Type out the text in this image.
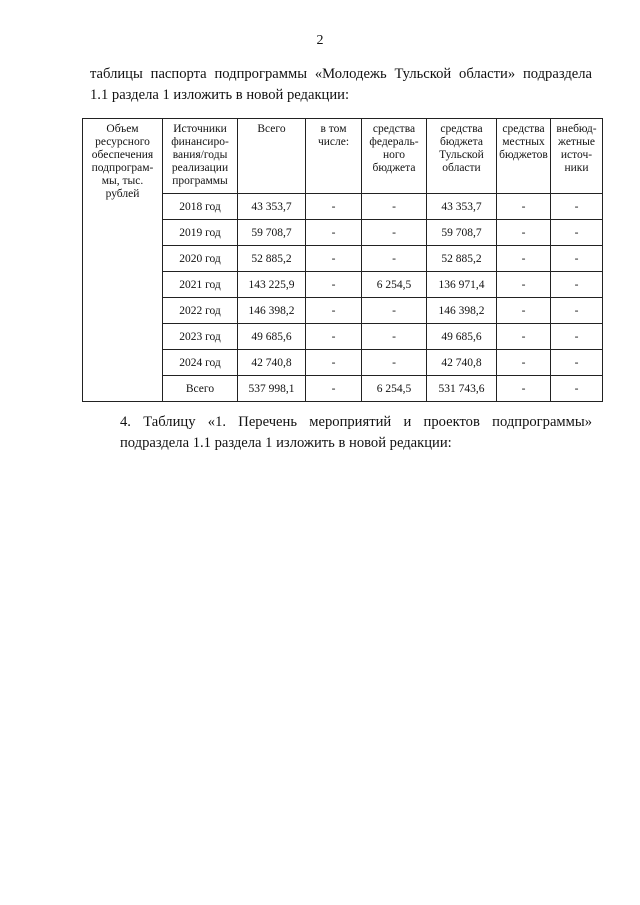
2
таблицы паспорта подпрограммы «Молодежь Тульской области» подраздела
1.1 раздела 1 изложить в новой редакции:
Объем ресурсного обеспечения подпрограм-мы, тыс. рублей	Источники финансиро-вания/годы реализации программы	Всего	в том числе:	средства федераль-ного бюджета	средства бюджета Тульской области	средства местных бюджетов	внебюд-жетные источ-ники
	2018 год	43 353,7	-	-	43 353,7	-	-
	2019 год	59 708,7	-	-	59 708,7	-	-
	2020 год	52 885,2	-	-	52 885,2	-	-
	2021 год	143 225,9	-	6 254,5	136 971,4	-	-
	2022 год	146 398,2	-	-	146 398,2	-	-
	2023 год	49 685,6	-	-	49 685,6	-	-
	2024 год	42 740,8	-	-	42 740,8	-	-
	Всего	537 998,1	-	6 254,5	531 743,6	-	-
4. Таблицу «1. Перечень мероприятий и проектов подпрограммы»
подраздела 1.1 раздела 1 изложить в новой редакции:
